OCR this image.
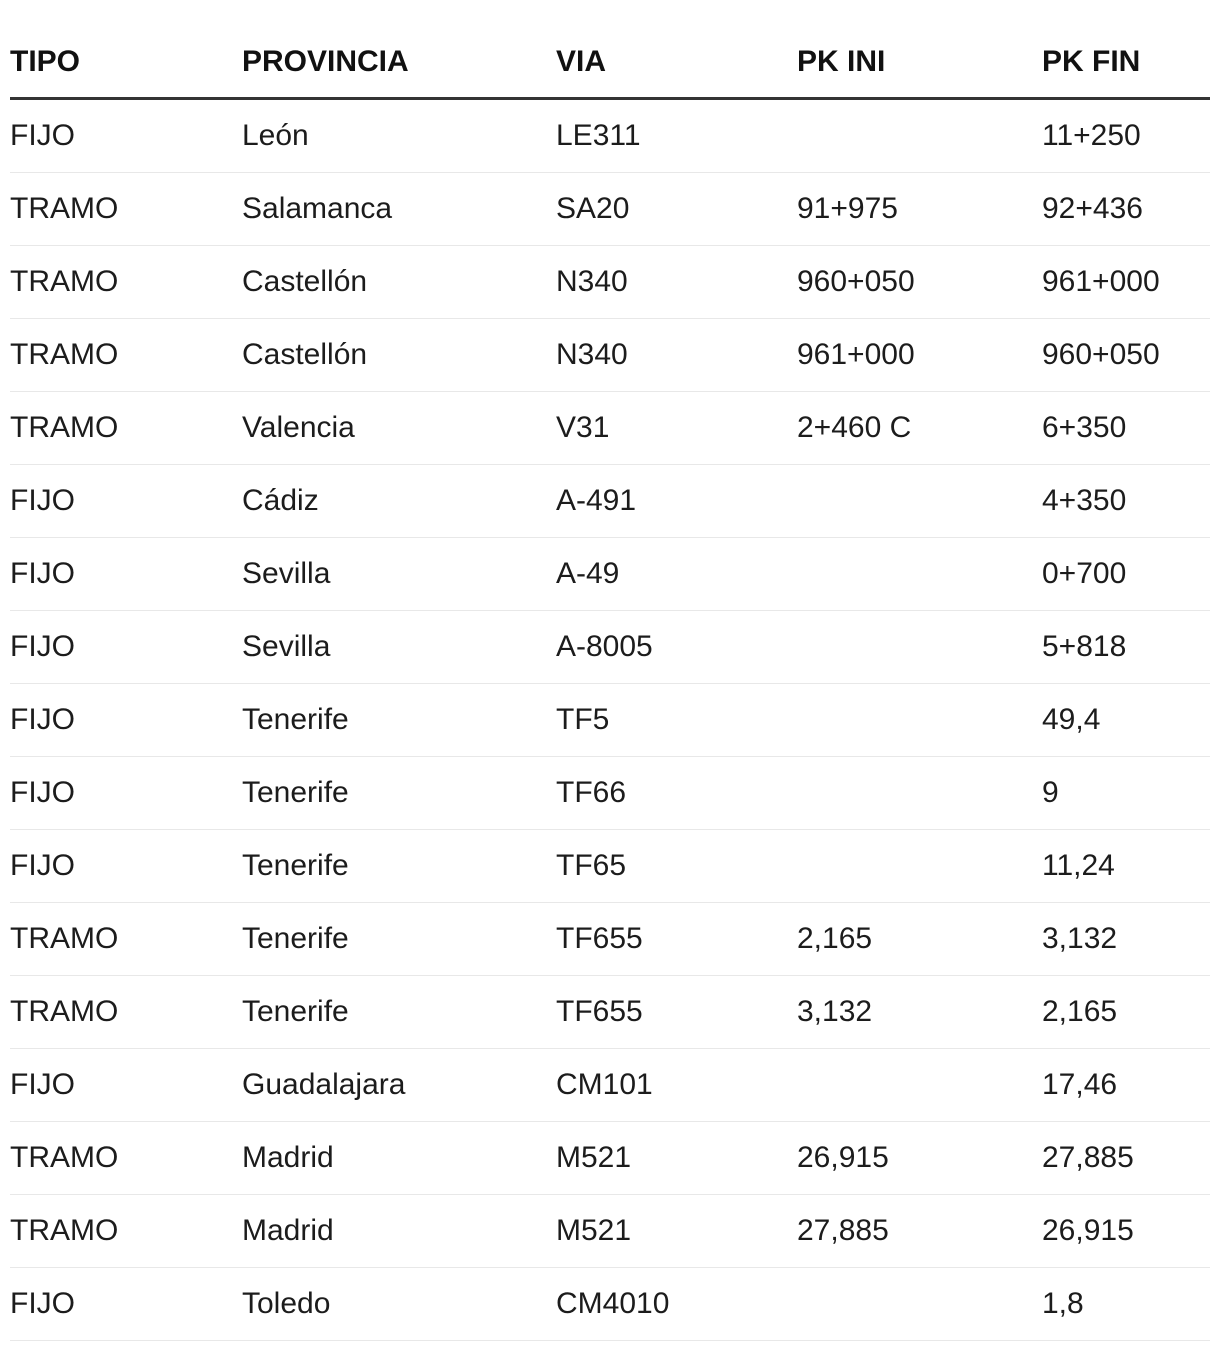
TIPO	PROVINCIA	VIA	PK INI	PK FIN
FIJO	León	LE311		11+250
TRAMO	Salamanca	SA20	91+975	92+436
TRAMO	Castellón	N340	960+050	961+000
TRAMO	Castellón	N340	961+000	960+050
TRAMO	Valencia	V31	2+460 C	6+350
FIJO	Cádiz	A-491		4+350
FIJO	Sevilla	A-49		0+700
FIJO	Sevilla	A-8005		5+818
FIJO	Tenerife	TF5		49,4
FIJO	Tenerife	TF66		9
FIJO	Tenerife	TF65		11,24
TRAMO	Tenerife	TF655	2,165	3,132
TRAMO	Tenerife	TF655	3,132	2,165
FIJO	Guadalajara	CM101		17,46
TRAMO	Madrid	M521	26,915	27,885
TRAMO	Madrid	M521	27,885	26,915
FIJO	Toledo	CM4010		1,8
